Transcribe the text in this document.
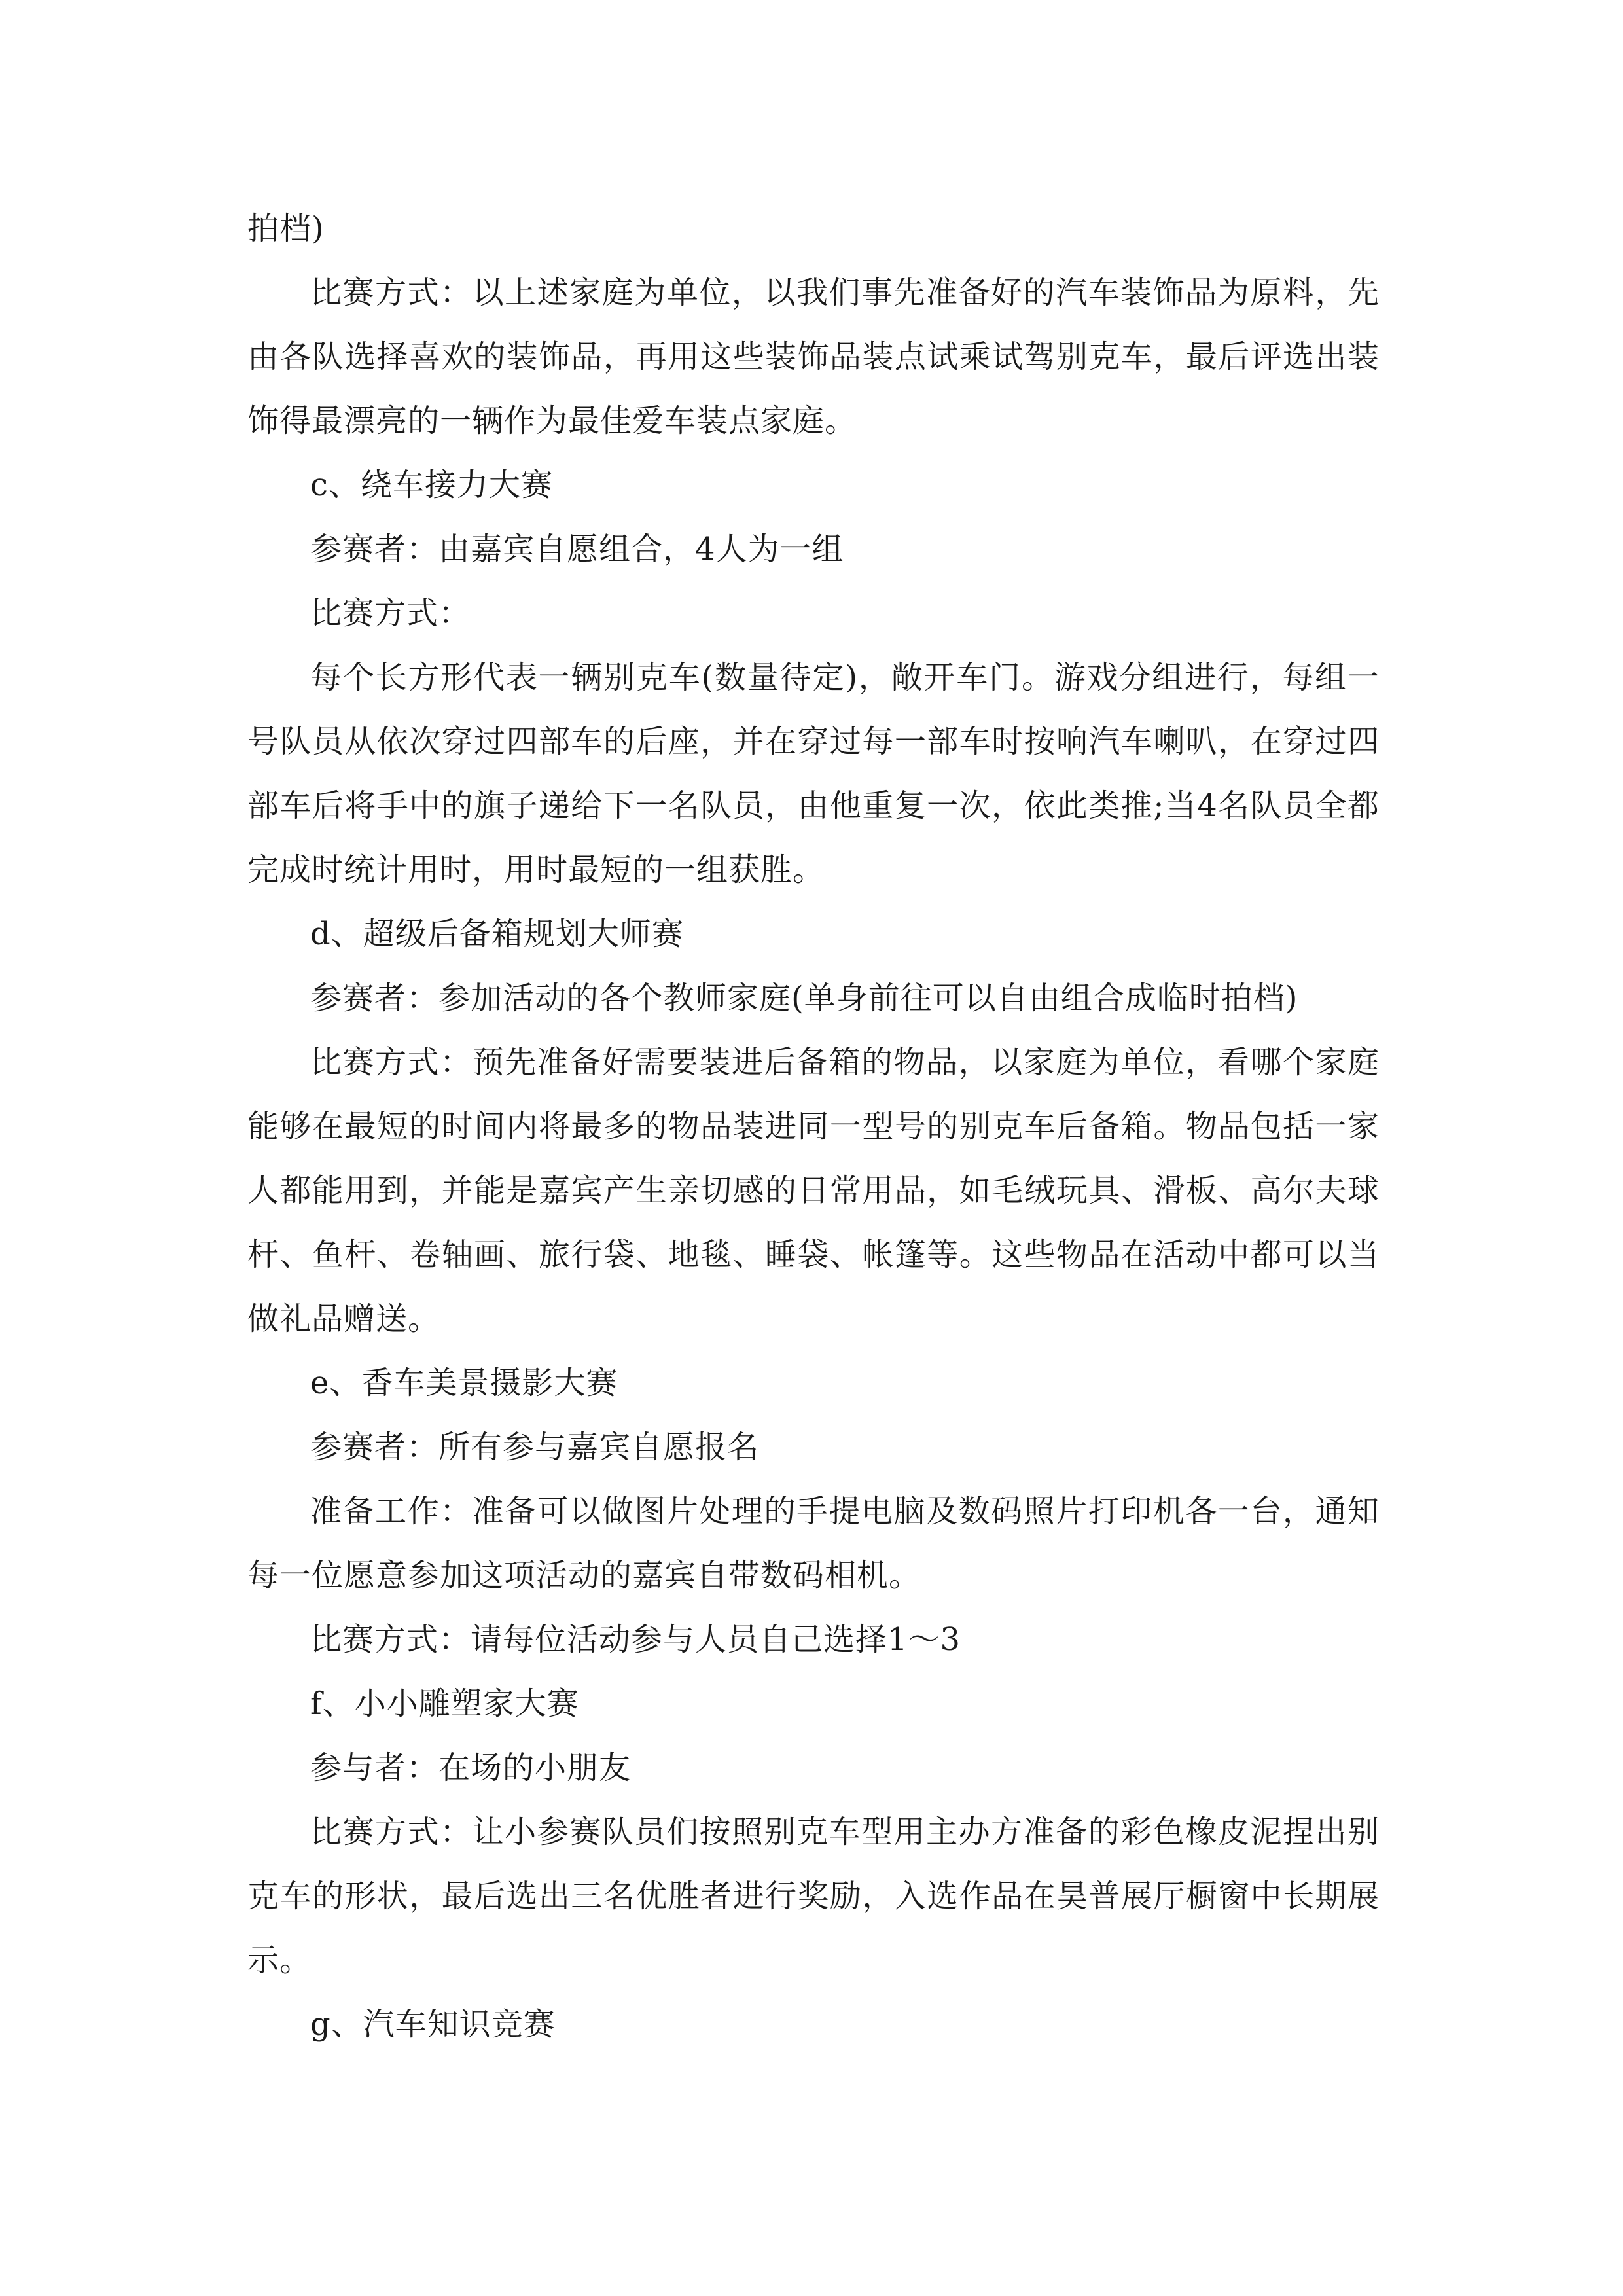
拍档)

比赛方式：以上述家庭为单位，以我们事先准备好的汽车装饰品为原料，先由各队选择喜欢的装饰品，再用这些装饰品装点试乘试驾别克车，最后评选出装饰得最漂亮的一辆作为最佳爱车装点家庭。

c、绕车接力大赛

参赛者：由嘉宾自愿组合，4人为一组

比赛方式：

每个长方形代表一辆别克车(数量待定)，敞开车门。游戏分组进行，每组一号队员从依次穿过四部车的后座，并在穿过每一部车时按响汽车喇叭，在穿过四部车后将手中的旗子递给下一名队员，由他重复一次，依此类推;当4名队员全都完成时统计用时，用时最短的一组获胜。

d、超级后备箱规划大师赛

参赛者：参加活动的各个教师家庭(单身前往可以自由组合成临时拍档)

比赛方式：预先准备好需要装进后备箱的物品，以家庭为单位，看哪个家庭能够在最短的时间内将最多的物品装进同一型号的别克车后备箱。物品包括一家人都能用到，并能是嘉宾产生亲切感的日常用品，如毛绒玩具、滑板、高尔夫球杆、鱼杆、卷轴画、旅行袋、地毯、睡袋、帐篷等。这些物品在活动中都可以当做礼品赠送。

e、香车美景摄影大赛

参赛者：所有参与嘉宾自愿报名

准备工作：准备可以做图片处理的手提电脑及数码照片打印机各一台，通知每一位愿意参加这项活动的嘉宾自带数码相机。

比赛方式：请每位活动参与人员自己选择1～3

f、小小雕塑家大赛

参与者：在场的小朋友

比赛方式：让小参赛队员们按照别克车型用主办方准备的彩色橡皮泥捏出别克车的形状，最后选出三名优胜者进行奖励，入选作品在昊普展厅橱窗中长期展示。

g、汽车知识竞赛
